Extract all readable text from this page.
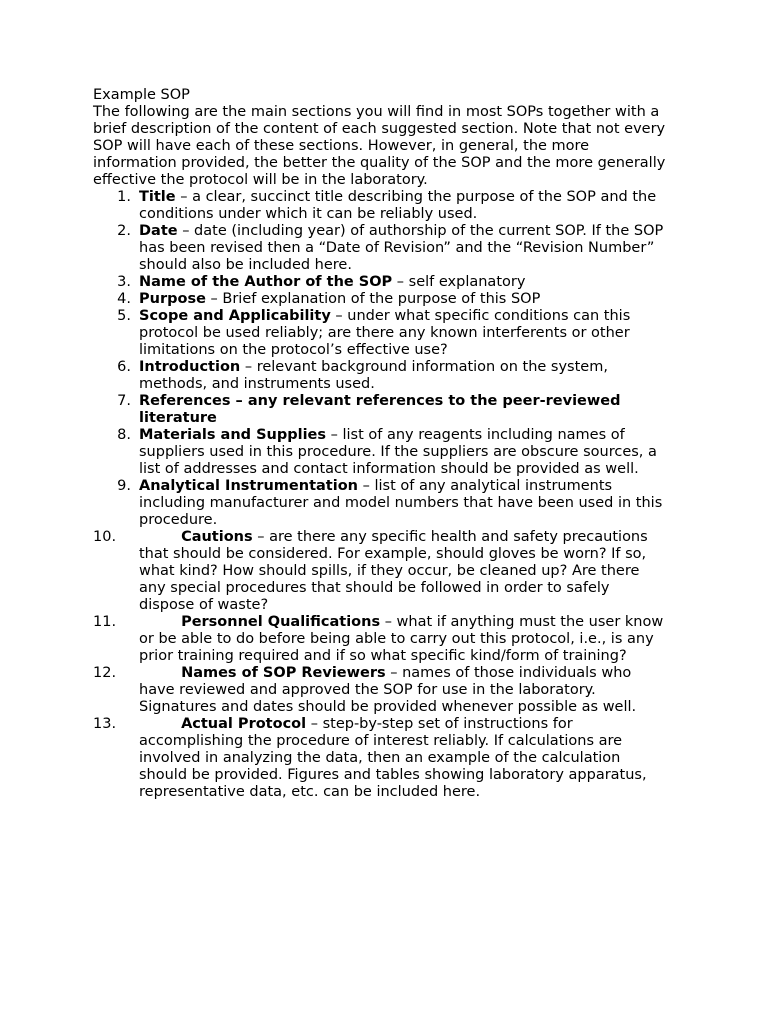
Example SOP

The following are the main sections you will find in most SOPs together with a brief description of the content of each suggested section. Note that not every SOP will have each of these sections. However, in general, the more information provided, the better the quality of the SOP and the more generally effective the protocol will be in the laboratory.

1. Title – a clear, succinct title describing the purpose of the SOP and the conditions under which it can be reliably used.
2. Date – date (including year) of authorship of the current SOP. If the SOP has been revised then a “Date of Revision” and the “Revision Number” should also be included here.
3. Name of the Author of the SOP – self explanatory
4. Purpose – Brief explanation of the purpose of this SOP
5. Scope and Applicability – under what specific conditions can this protocol be used reliably; are there any known interferents or other limitations on the protocol’s effective use?
6. Introduction – relevant background information on the system, methods, and instruments used.
7. References – any relevant references to the peer-reviewed literature
8. Materials and Supplies – list of any reagents including names of suppliers used in this procedure. If the suppliers are obscure sources, a list of addresses and contact information should be provided as well.
9. Analytical Instrumentation – list of any analytical instruments including manufacturer and model numbers that have been used in this procedure.
10.	Cautions – are there any specific health and safety precautions that should be considered. For example, should gloves be worn? If so, what kind? How should spills, if they occur, be cleaned up? Are there any special procedures that should be followed in order to safely dispose of waste?
11.	Personnel Qualifications – what if anything must the user know or be able to do before being able to carry out this protocol, i.e., is any prior training required and if so what specific kind/form of training?
12.	Names of SOP Reviewers – names of those individuals who have reviewed and approved the SOP for use in the laboratory. Signatures and dates should be provided whenever possible as well.
13.	Actual Protocol – step-by-step set of instructions for accomplishing the procedure of interest reliably. If calculations are involved in analyzing the data, then an example of the calculation should be provided. Figures and tables showing laboratory apparatus, representative data, etc. can be included here.
